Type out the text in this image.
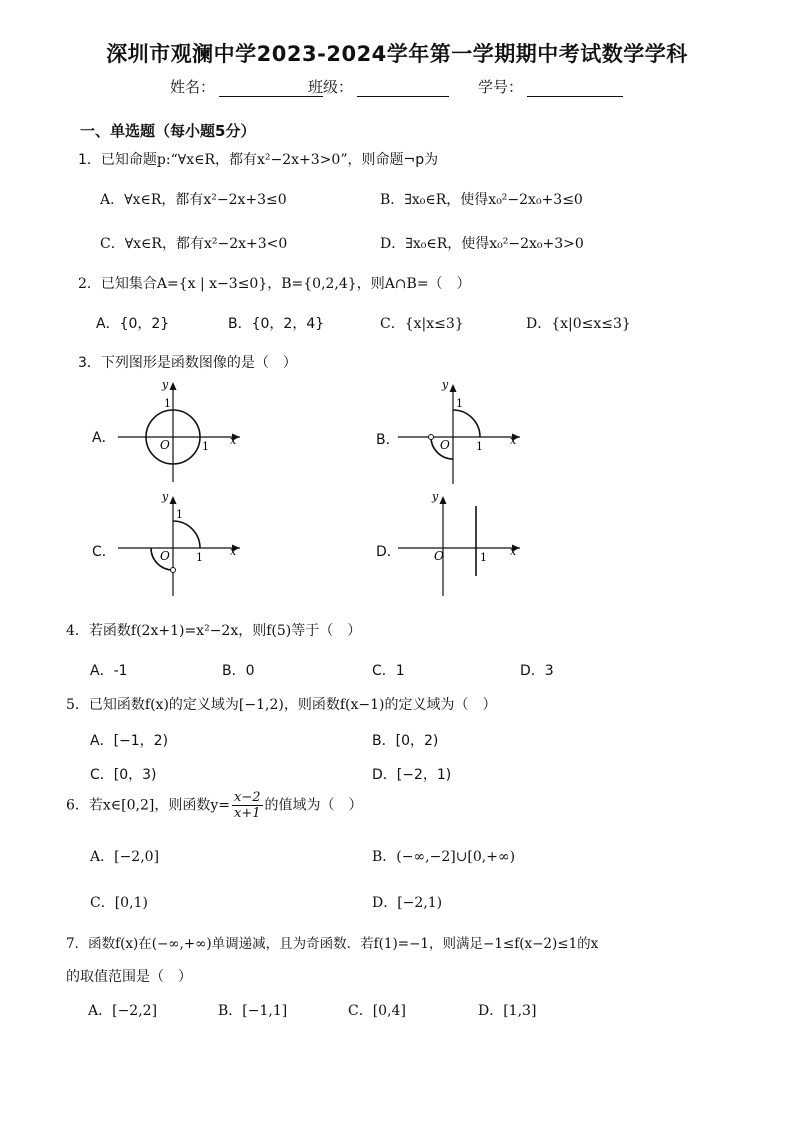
深圳市观澜中学2023-2024学年第一学期期中考试数学学科
姓名：	班级：	学号：
一、单选题（每小题5分）
1．已知命题p:“∀x∈R，都有x²−2x+3>0”，则命题¬p为
A．∀x∈R，都有x²−2x+3≤0	B．∃x₀∈R，使得x₀²−2x₀+3≤0
C．∀x∈R，都有x²−2x+3<0	D．∃x₀∈R，使得x₀²−2x₀+3>0
2．已知集合A={x | x−3≤0}，B={0,2,4}，则A∩B=（　）
A．{0，2}	B．{0，2，4}	C．{x|x≤3}	D．{x|0≤x≤3}
3．下列图形是函数图像的是（　）
A．	B．
C．	D．
x
y
O	1
1
x
y
O 1
1
x
y
O 1
1
x
y
O	1
4．若函数f(2x+1)=x²−2x，则f(5)等于（　）
A．-1	B．0	C．1	D．3
5．已知函数f(x)的定义域为[−1,2)，则函数f(x−1)的定义域为（　）
A．[−1，2)	B．[0，2)
C．[0，3)	D．[−2，1)
6．若x∈[0,2]，则函数$y= \frac{x-2}{x+1}$ 的值域为（　）
A．[−2,0]	B．(−∞,−2]∪[0,+∞)
C．[0,1)	D．[−2,1)
7．函数f(x)在(−∞,+∞)单调递减，且为奇函数．若f(1)=−1，则满足−1≤f(x−2)≤1的x
的取值范围是（　）
A．[−2,2]	B．[−1,1]	C．[0,4]	D．[1,3]
